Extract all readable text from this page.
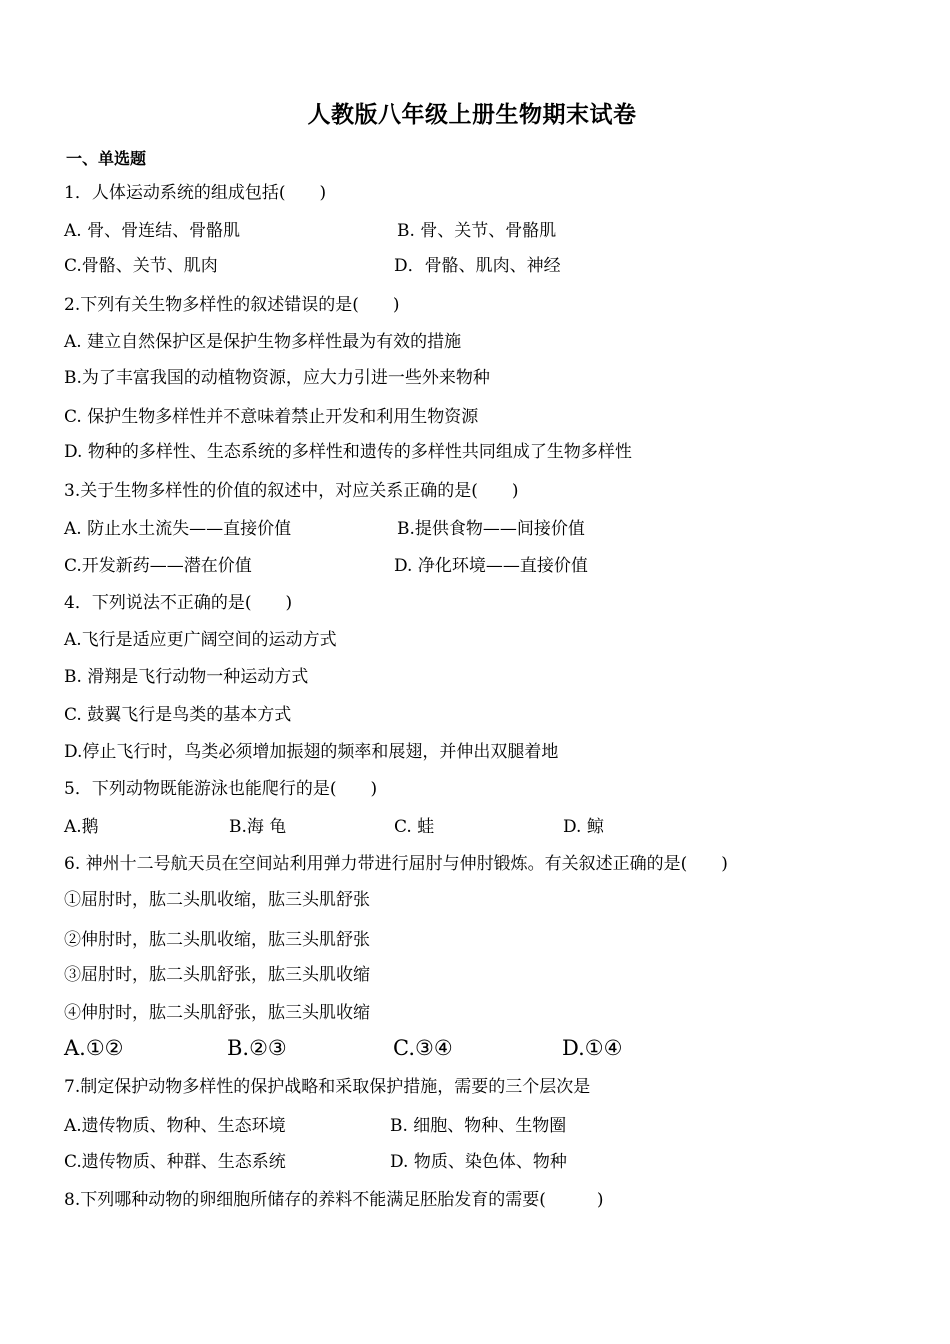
人教版八年级上册生物期末试卷
一、单选题
1．人体运动系统的组成包括(　　)
A. 骨、骨连结、骨骼肌	B. 骨、关节、骨骼肌
C.骨骼、关节、肌肉	D．骨骼、肌肉、神经
2.下列有关生物多样性的叙述错误的是(　　)
A. 建立自然保护区是保护生物多样性最为有效的措施
B.为了丰富我国的动植物资源，应大力引进一些外来物种
C. 保护生物多样性并不意味着禁止开发和利用生物资源
D. 物种的多样性、生态系统的多样性和遗传的多样性共同组成了生物多样性
3.关于生物多样性的价值的叙述中，对应关系正确的是(　　)
A. 防止水土流失——直接价值	B.提供食物——间接价值
C.开发新药——潜在价值	D. 净化环境——直接价值
4．下列说法不正确的是(　　)
A.飞行是适应更广阔空间的运动方式
B. 滑翔是飞行动物一种运动方式
C. 鼓翼飞行是鸟类的基本方式
D.停止飞行时，鸟类必须增加振翅的频率和展翅，并伸出双腿着地
5．下列动物既能游泳也能爬行的是(　　)
A.鹅	B.海 龟	C. 蛙	D. 鲸
6. 神州十二号航天员在空间站利用弹力带进行屈肘与伸肘锻炼。有关叙述正确的是(　　)
①屈肘时，肱二头肌收缩，肱三头肌舒张
②伸肘时，肱二头肌收缩，肱三头肌舒张
③屈肘时，肱二头肌舒张，肱三头肌收缩
④伸肘时，肱二头肌舒张，肱三头肌收缩
A.①②	B.②③	C.③④	D.①④
7.制定保护动物多样性的保护战略和采取保护措施，需要的三个层次是
A.遗传物质、物种、生态环境	B. 细胞、物种、生物圈
C.遗传物质、种群、生态系统	D. 物质、染色体、物种
8.下列哪种动物的卵细胞所储存的养料不能满足胚胎发育的需要(　　　)
